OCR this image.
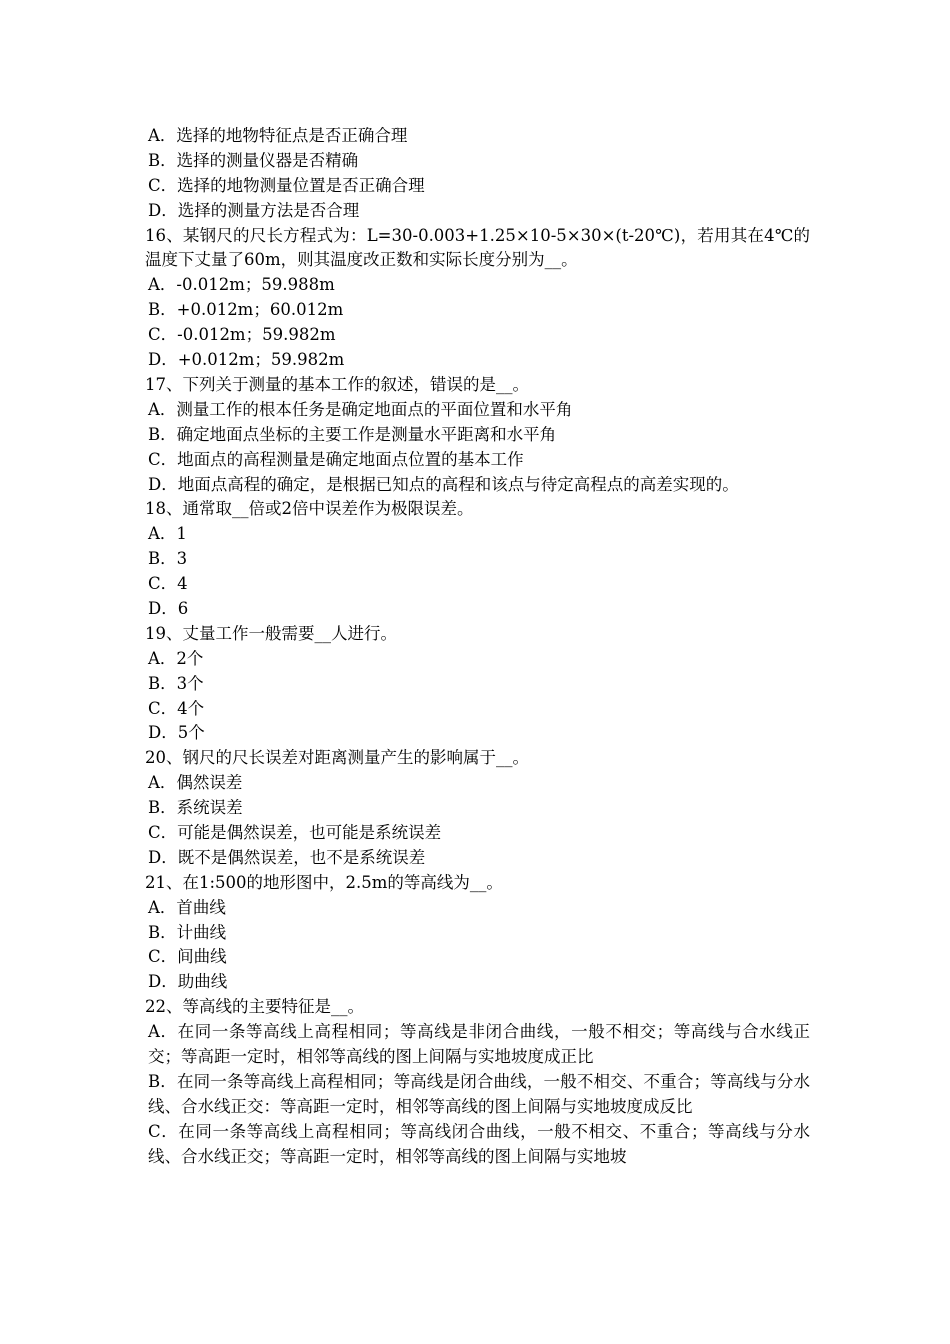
A．选择的地物特征点是否正确合理
B．选择的测量仪器是否精确
C．选择的地物测量位置是否正确合理
D．选择的测量方法是否合理
16、某钢尺的尺长方程式为：L=30-0.003+1.25×10-5×30×(t-20℃)，若用其在4℃的温度下丈量了60m，则其温度改正数和实际长度分别为__。
A．-0.012m；59.988m
B．+0.012m；60.012m
C．-0.012m；59.982m
D．+0.012m；59.982m
17、下列关于测量的基本工作的叙述，错误的是__。
A．测量工作的根本任务是确定地面点的平面位置和水平角
B．确定地面点坐标的主要工作是测量水平距离和水平角
C．地面点的高程测量是确定地面点位置的基本工作
D．地面点高程的确定，是根据已知点的高程和该点与待定高程点的高差实现的。
18、通常取__倍或2倍中误差作为极限误差。
A．1
B．3
C．4
D．6
19、丈量工作一般需要__人进行。
A．2个
B．3个
C．4个
D．5个
20、钢尺的尺长误差对距离测量产生的影响属于__。
A．偶然误差
B．系统误差
C．可能是偶然误差，也可能是系统误差
D．既不是偶然误差，也不是系统误差
21、在1:500的地形图中，2.5m的等高线为__。
A．首曲线
B．计曲线
C．间曲线
D．助曲线
22、等高线的主要特征是__。
A．在同一条等高线上高程相同；等高线是非闭合曲线，一般不相交；等高线与合水线正交；等高距一定时，相邻等高线的图上间隔与实地坡度成正比
B．在同一条等高线上高程相同；等高线是闭合曲线，一般不相交、不重合；等高线与分水线、合水线正交：等高距一定时，相邻等高线的图上间隔与实地坡度成反比
C．在同一条等高线上高程相同；等高线闭合曲线，一般不相交、不重合；等高线与分水线、合水线正交；等高距一定时，相邻等高线的图上间隔与实地坡
